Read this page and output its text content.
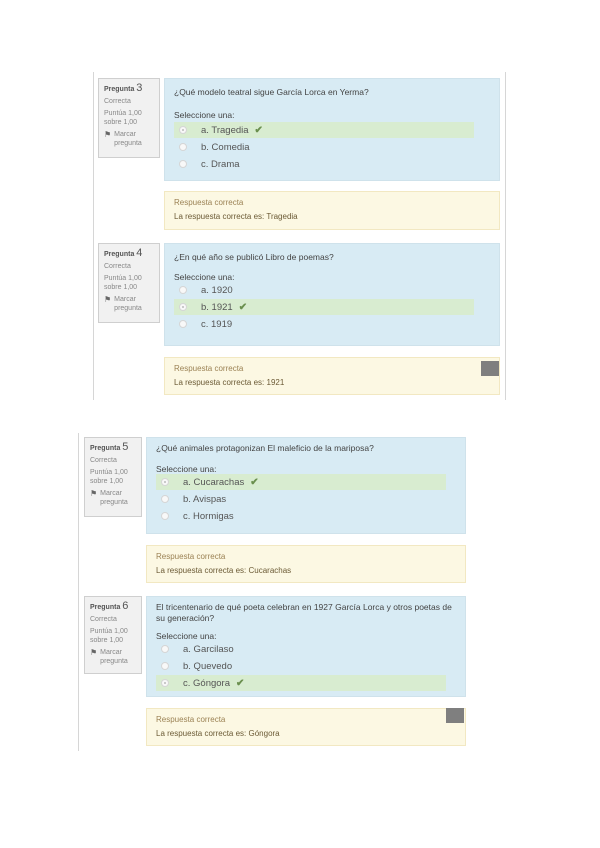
Pregunta 3
Correcta
Puntúa 1,00 sobre 1,00
⚑ Marcar pregunta
¿Qué modelo teatral sigue García Lorca en Yerma?
Seleccione una:
a. Tragedia ✔
b. Comedia
c. Drama
Respuesta correcta
La respuesta correcta es: Tragedia
Pregunta 4
Correcta
Puntúa 1,00 sobre 1,00
⚑ Marcar pregunta
¿En qué año se publicó Libro de poemas?
Seleccione una:
a. 1920
b. 1921 ✔
c. 1919
Respuesta correcta
La respuesta correcta es: 1921
Pregunta 5
Correcta
Puntúa 1,00 sobre 1,00
⚑ Marcar pregunta
¿Qué animales protagonizan El maleficio de la mariposa?
Seleccione una:
a. Cucarachas ✔
b. Avispas
c. Hormigas
Respuesta correcta
La respuesta correcta es: Cucarachas
Pregunta 6
Correcta
Puntúa 1,00 sobre 1,00
⚑ Marcar pregunta
El tricentenario de qué poeta celebran en 1927 García Lorca y otros poetas de su generación?
Seleccione una:
a. Garcilaso
b. Quevedo
c. Góngora ✔
Respuesta correcta
La respuesta correcta es: Góngora
